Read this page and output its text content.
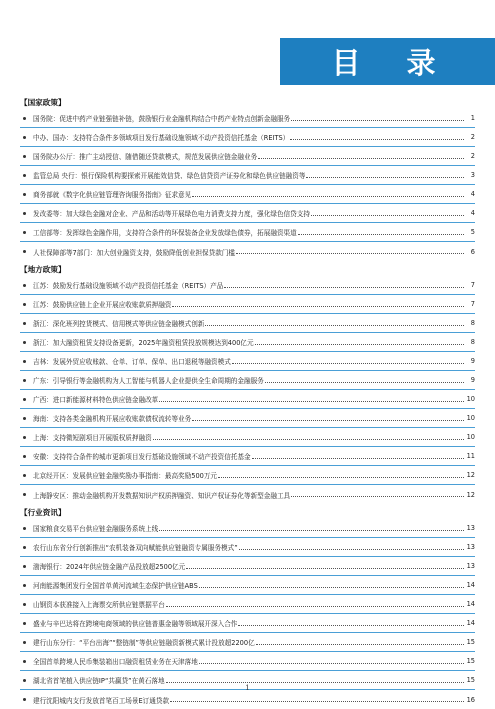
目 录
【国家政策】
国务院：促进中药产业链强链补链，鼓励银行业金融机构结合中药产业特点创新金融服务	1
中办、国办：支持符合条件多领域项目发行基础设施领域不动产投资信托基金（REITS）	2
国务院办公厅：推广主动授信、随借随还贷款模式，规范发展供应链金融业务	2
监管总局 央行：银行保险机构要探索开展能效信贷、绿色信贷资产证券化和绿色供应链融资等	3
商务部就《数字化供应链管理咨询服务指南》征求意见	4
发改委等：加大绿色金融对企业、产品和活动等开展绿色电力消费支持力度，强化绿色信贷支持	4
工信部等：发挥绿色金融作用，支持符合条件的环保装备企业发放绿色债券，拓展融资渠道	5
人社保障部等7部门：加大创业融资支持，鼓励降低创业担保贷款门槛	6
【地方政策】
江苏：鼓励发行基础设施领域不动产投资信托基金（REITS）产品	7
江苏：鼓励供应链上企业开展应收账款质押融资	7
浙江：深化班列控货模式、信用模式等供应链金融模式创新	8
浙江：加大融资租赁支持设备更新，2025年融资租赁投放规模达到400亿元	8
吉林：发展外贸应收账款、仓单、订单、保单、出口退税等融资模式	9
广东：引导银行等金融机构为人工智能与机器人企业提供全生命周期的金融服务	9
广西：进口新能源材料特色供应链金融改革	10
海南：支持各类金融机构开展应收账款债权流转等业务	10
上海：支持微短剧项目开展版权质押融资	10
安徽：支持符合条件的城市更新项目发行基础设施领域不动产投资信托基金	11
北京经开区：发展供应链金融奖励办事指南：最高奖励500万元	12
上海静安区：推动金融机构开发数据知识产权质押融资、知识产权证券化等新型金融工具	12
【行业资讯】
国家粮食交易平台供应链金融服务系统上线	13
农行山东省分行创新推出“农机装备双向赋能供应链融资专属服务模式”	13
渤海银行：2024年供应链金融产品投放超2500亿元	13
河南能源集团发行全国首单黄河流域生态保护供应链ABS	14
山钢资本获准接入上海票交所供应链票据平台	14
盛业与辛巴达将在跨境电商领域的供应链普惠金融等领域展开深入合作	14
建行山东分行：“平台出海”“整链制”等供应链融资新模式累计投放超2200亿	15
全国首单跨境人民币集装箱出口融资租赁业务在天津落地	15
湖北省首笔植入供应链IP“共赢贷”在黄石落地	15
建行沈阳城内支行发放首笔百工场景E订通贷款	16
1
